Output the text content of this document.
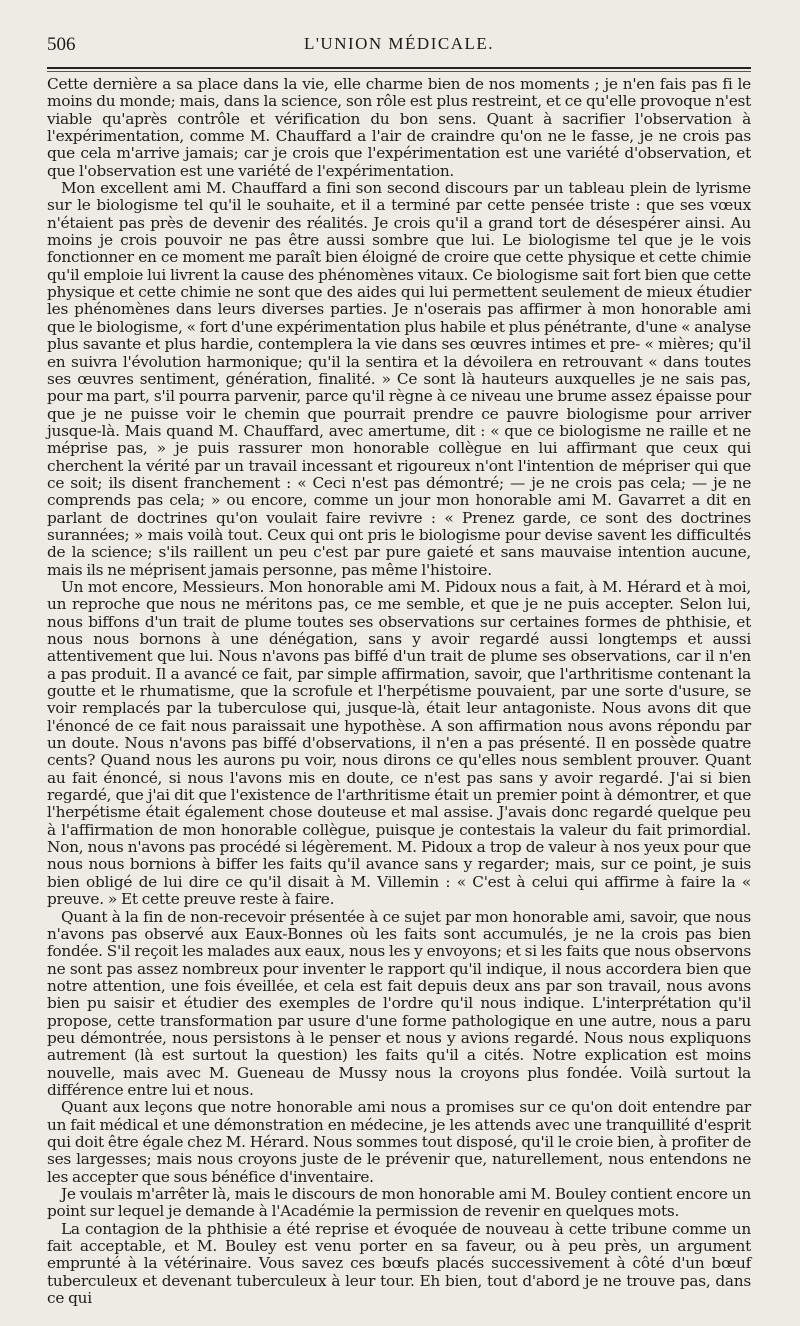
506	L'UNION MÉDICALE.

Cette dernière a sa place dans la vie, elle charme bien de nos moments ; je n'en fais pas fi le moins du monde; mais, dans la science, son rôle est plus restreint, et ce qu'elle provoque n'est viable qu'après contrôle et vérification du bon sens. Quant à sacrifier l'observation à l'expérimentation, comme M. Chauffard a l'air de craindre qu'on ne le fasse, je ne crois pas que cela m'arrive jamais; car je crois que l'expérimentation est une variété d'observation, et que l'observation est une variété de l'expérimentation.

Mon excellent ami M. Chauffard a fini son second discours par un tableau plein de lyrisme sur le biologisme tel qu'il le souhaite, et il a terminé par cette pensée triste : que ses vœux n'étaient pas près de devenir des réalités. Je crois qu'il a grand tort de désespérer ainsi. Au moins je crois pouvoir ne pas être aussi sombre que lui. Le biologisme tel que je le vois fonctionner en ce moment me paraît bien éloigné de croire que cette physique et cette chimie qu'il emploie lui livrent la cause des phénomènes vitaux. Ce biologisme sait fort bien que cette physique et cette chimie ne sont que des aides qui lui permettent seulement de mieux étudier les phénomènes dans leurs diverses parties. Je n'oserais pas affirmer à mon honorable ami que le biologisme, « fort d'une expérimentation plus habile et plus pénétrante, d'une « analyse plus savante et plus hardie, contemplera la vie dans ses œuvres intimes et pre- « mières; qu'il en suivra l'évolution harmonique; qu'il la sentira et la dévoilera en retrouvant « dans toutes ses œuvres sentiment, génération, finalité. » Ce sont là hauteurs auxquelles je ne sais pas, pour ma part, s'il pourra parvenir, parce qu'il règne à ce niveau une brume assez épaisse pour que je ne puisse voir le chemin que pourrait prendre ce pauvre biologisme pour arriver jusque-là. Mais quand M. Chauffard, avec amertume, dit : « que ce biologisme ne raille et ne méprise pas, » je puis rassurer mon honorable collègue en lui affirmant que ceux qui cherchent la vérité par un travail incessant et rigoureux n'ont l'intention de mépriser qui que ce soit; ils disent franchement : « Ceci n'est pas démontré; — je ne crois pas cela; — je ne comprends pas cela; » ou encore, comme un jour mon honorable ami M. Gavarret a dit en parlant de doctrines qu'on voulait faire revivre : « Prenez garde, ce sont des doctrines surannées; » mais voilà tout. Ceux qui ont pris le biologisme pour devise savent les difficultés de la science; s'ils raillent un peu c'est par pure gaieté et sans mauvaise intention aucune, mais ils ne méprisent jamais personne, pas même l'histoire.

Un mot encore, Messieurs. Mon honorable ami M. Pidoux nous a fait, à M. Hérard et à moi, un reproche que nous ne méritons pas, ce me semble, et que je ne puis accepter. Selon lui, nous biffons d'un trait de plume toutes ses observations sur certaines formes de phthisie, et nous nous bornons à une dénégation, sans y avoir regardé aussi longtemps et aussi attentivement que lui. Nous n'avons pas biffé d'un trait de plume ses observations, car il n'en a pas produit. Il a avancé ce fait, par simple affirmation, savoir, que l'arthritisme contenant la goutte et le rhumatisme, que la scrofule et l'herpétisme pouvaient, par une sorte d'usure, se voir remplacés par la tuberculose qui, jusque-là, était leur antagoniste. Nous avons dit que l'énoncé de ce fait nous paraissait une hypothèse. A son affirmation nous avons répondu par un doute. Nous n'avons pas biffé d'observations, il n'en a pas présenté. Il en possède quatre cents? Quand nous les aurons pu voir, nous dirons ce qu'elles nous semblent prouver. Quant au fait énoncé, si nous l'avons mis en doute, ce n'est pas sans y avoir regardé. J'ai si bien regardé, que j'ai dit que l'existence de l'arthritisme était un premier point à démontrer, et que l'herpétisme était également chose douteuse et mal assise. J'avais donc regardé quelque peu à l'affirmation de mon honorable collègue, puisque je contestais la valeur du fait primordial. Non, nous n'avons pas procédé si légèrement. M. Pidoux a trop de valeur à nos yeux pour que nous nous bornions à biffer les faits qu'il avance sans y regarder; mais, sur ce point, je suis bien obligé de lui dire ce qu'il disait à M. Villemin : « C'est à celui qui affirme à faire la « preuve. » Et cette preuve reste à faire.

Quant à la fin de non-recevoir présentée à ce sujet par mon honorable ami, savoir, que nous n'avons pas observé aux Eaux-Bonnes où les faits sont accumulés, je ne la crois pas bien fondée. S'il reçoit les malades aux eaux, nous les y envoyons; et si les faits que nous observons ne sont pas assez nombreux pour inventer le rapport qu'il indique, il nous accordera bien que notre attention, une fois éveillée, et cela est fait depuis deux ans par son travail, nous avons bien pu saisir et étudier des exemples de l'ordre qu'il nous indique. L'interprétation qu'il propose, cette transformation par usure d'une forme pathologique en une autre, nous a paru peu démontrée, nous persistons à le penser et nous y avions regardé. Nous nous expliquons autrement (là est surtout la question) les faits qu'il a cités. Notre explication est moins nouvelle, mais avec M. Gueneau de Mussy nous la croyons plus fondée. Voilà surtout la différence entre lui et nous.

Quant aux leçons que notre honorable ami nous a promises sur ce qu'on doit entendre par un fait médical et une démonstration en médecine, je les attends avec une tranquillité d'esprit qui doit être égale chez M. Hérard. Nous sommes tout disposé, qu'il le croie bien, à profiter de ses largesses; mais nous croyons juste de le prévenir que, naturellement, nous entendons ne les accepter que sous bénéfice d'inventaire.

Je voulais m'arrêter là, mais le discours de mon honorable ami M. Bouley contient encore un point sur lequel je demande à l'Académie la permission de revenir en quelques mots.

La contagion de la phthisie a été reprise et évoquée de nouveau à cette tribune comme un fait acceptable, et M. Bouley est venu porter en sa faveur, ou à peu près, un argument emprunté à la vétérinaire. Vous savez ces bœufs placés successivement à côté d'un bœuf tuberculeux et devenant tuberculeux à leur tour. Eh bien, tout d'abord je ne trouve pas, dans ce qui
